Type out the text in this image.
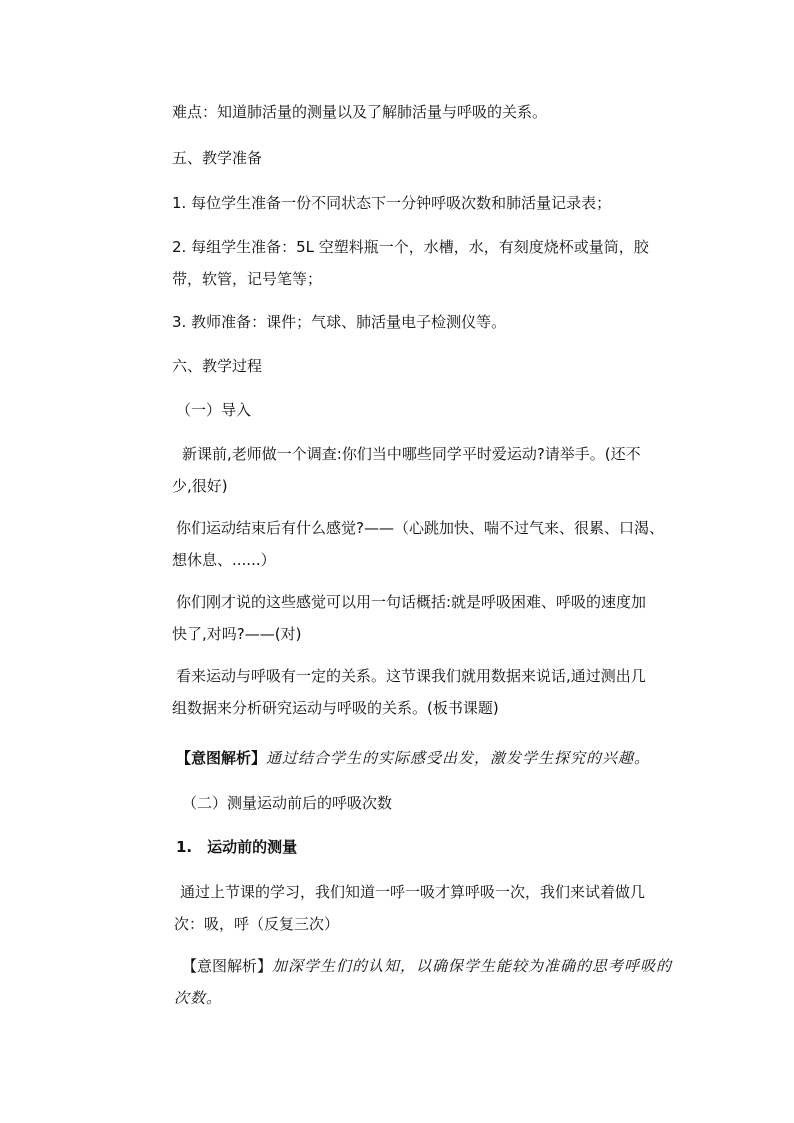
难点：知道肺活量的测量以及了解肺活量与呼吸的关系。

五、教学准备

1. 每位学生准备一份不同状态下一分钟呼吸次数和肺活量记录表；

2. 每组学生准备：5L 空塑料瓶一个，水槽，水，有刻度烧杯或量筒，胶
带，软管，记号笔等；

3. 教师准备：课件；气球、肺活量电子检测仪等。

六、教学过程

（一）导入

新课前,老师做一个调查:你们当中哪些同学平时爱运动?请举手。(还不
少,很好)
你们运动结束后有什么感觉?——（心跳加快、喘不过气来、很累、口渴、
想休息、......）
你们刚才说的这些感觉可以用一句话概括:就是呼吸困难、呼吸的速度加
快了,对吗?——(对)
看来运动与呼吸有一定的关系。这节课我们就用数据来说话,通过测出几
组数据来分析研究运动与呼吸的关系。(板书课题)

【意图解析】通过结合学生的实际感受出发，激发学生探究的兴趣。

（二）测量运动前后的呼吸次数

1.　运动前的测量

通过上节课的学习，我们知道一呼一吸才算呼吸一次，我们来试着做几
次：吸，呼（反复三次）
【意图解析】加深学生们的认知，以确保学生能较为准确的思考呼吸的
次数。
